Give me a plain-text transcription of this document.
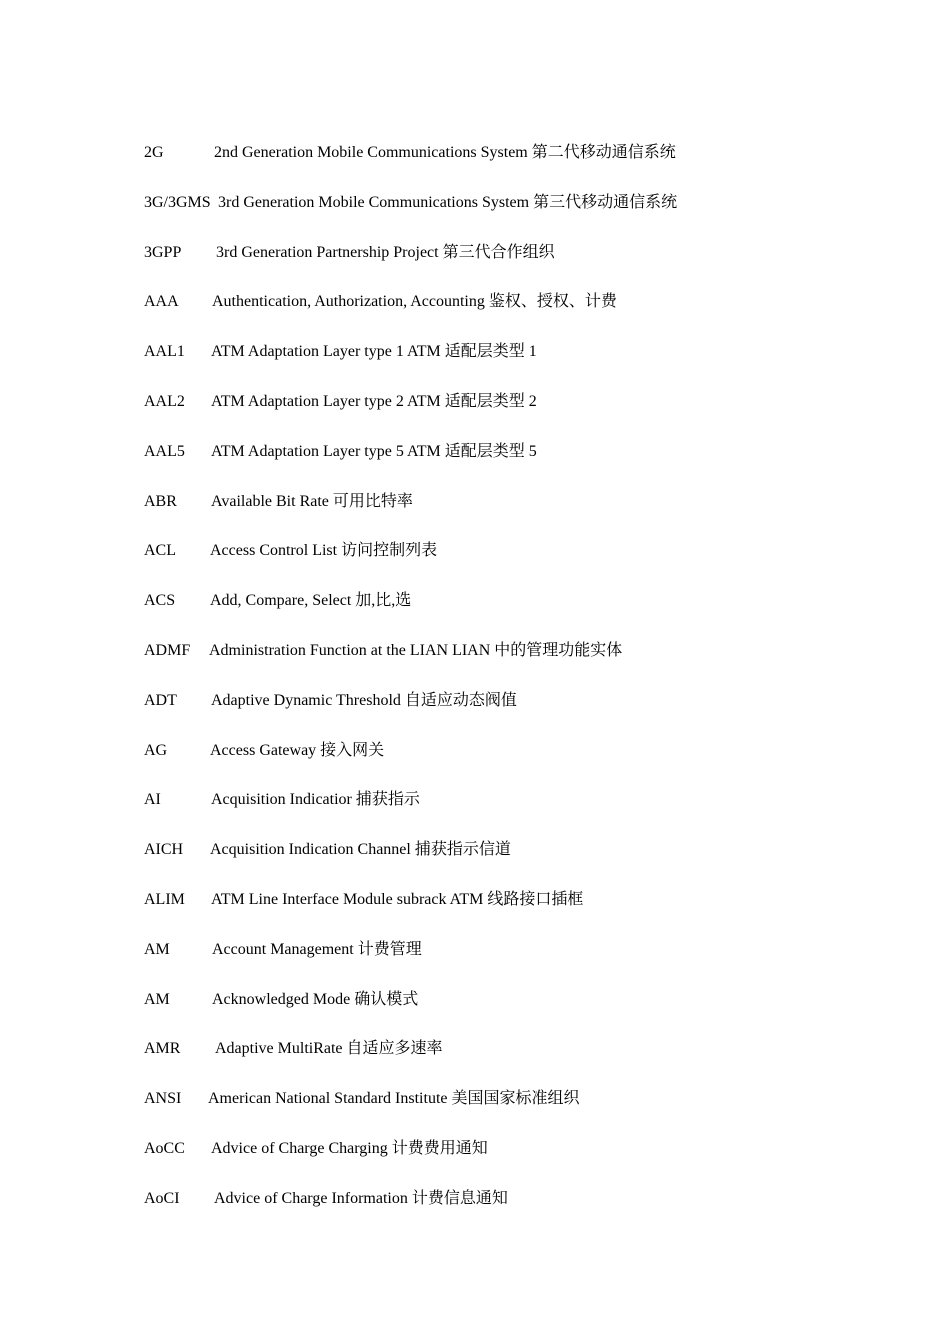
2G	2nd Generation Mobile Communications System 第二代移动通信系统
3G/3GMS 3rd Generation Mobile Communications System 第三代移动通信系统
3GPP 3rd Generation Partnership Project 第三代合作组织
AAA Authentication, Authorization, Accounting 鉴权、授权、计费
AAL1 ATM Adaptation Layer type 1 ATM 适配层类型 1
AAL2 ATM Adaptation Layer type 2 ATM 适配层类型 2
AAL5 ATM Adaptation Layer type 5 ATM 适配层类型 5
ABR Available Bit Rate 可用比特率
ACL Access Control List 访问控制列表
ACS Add, Compare, Select 加,比,选
ADMF Administration Function at the LIAN LIAN 中的管理功能实体
ADT Adaptive Dynamic Threshold 自适应动态阀值
AG	Access Gateway 接入网关
AI	Acquisition Indicatior 捕获指示
AICH Acquisition Indication Channel 捕获指示信道
ALIM ATM Line Interface Module subrack ATM 线路接口插框
AM	Account Management 计费管理
AM	Acknowledged Mode 确认模式
AMR Adaptive MultiRate 自适应多速率
ANSI American National Standard Institute 美国国家标准组织
AoCC Advice of Charge Charging 计费费用通知
AoCI Advice of Charge Information 计费信息通知
